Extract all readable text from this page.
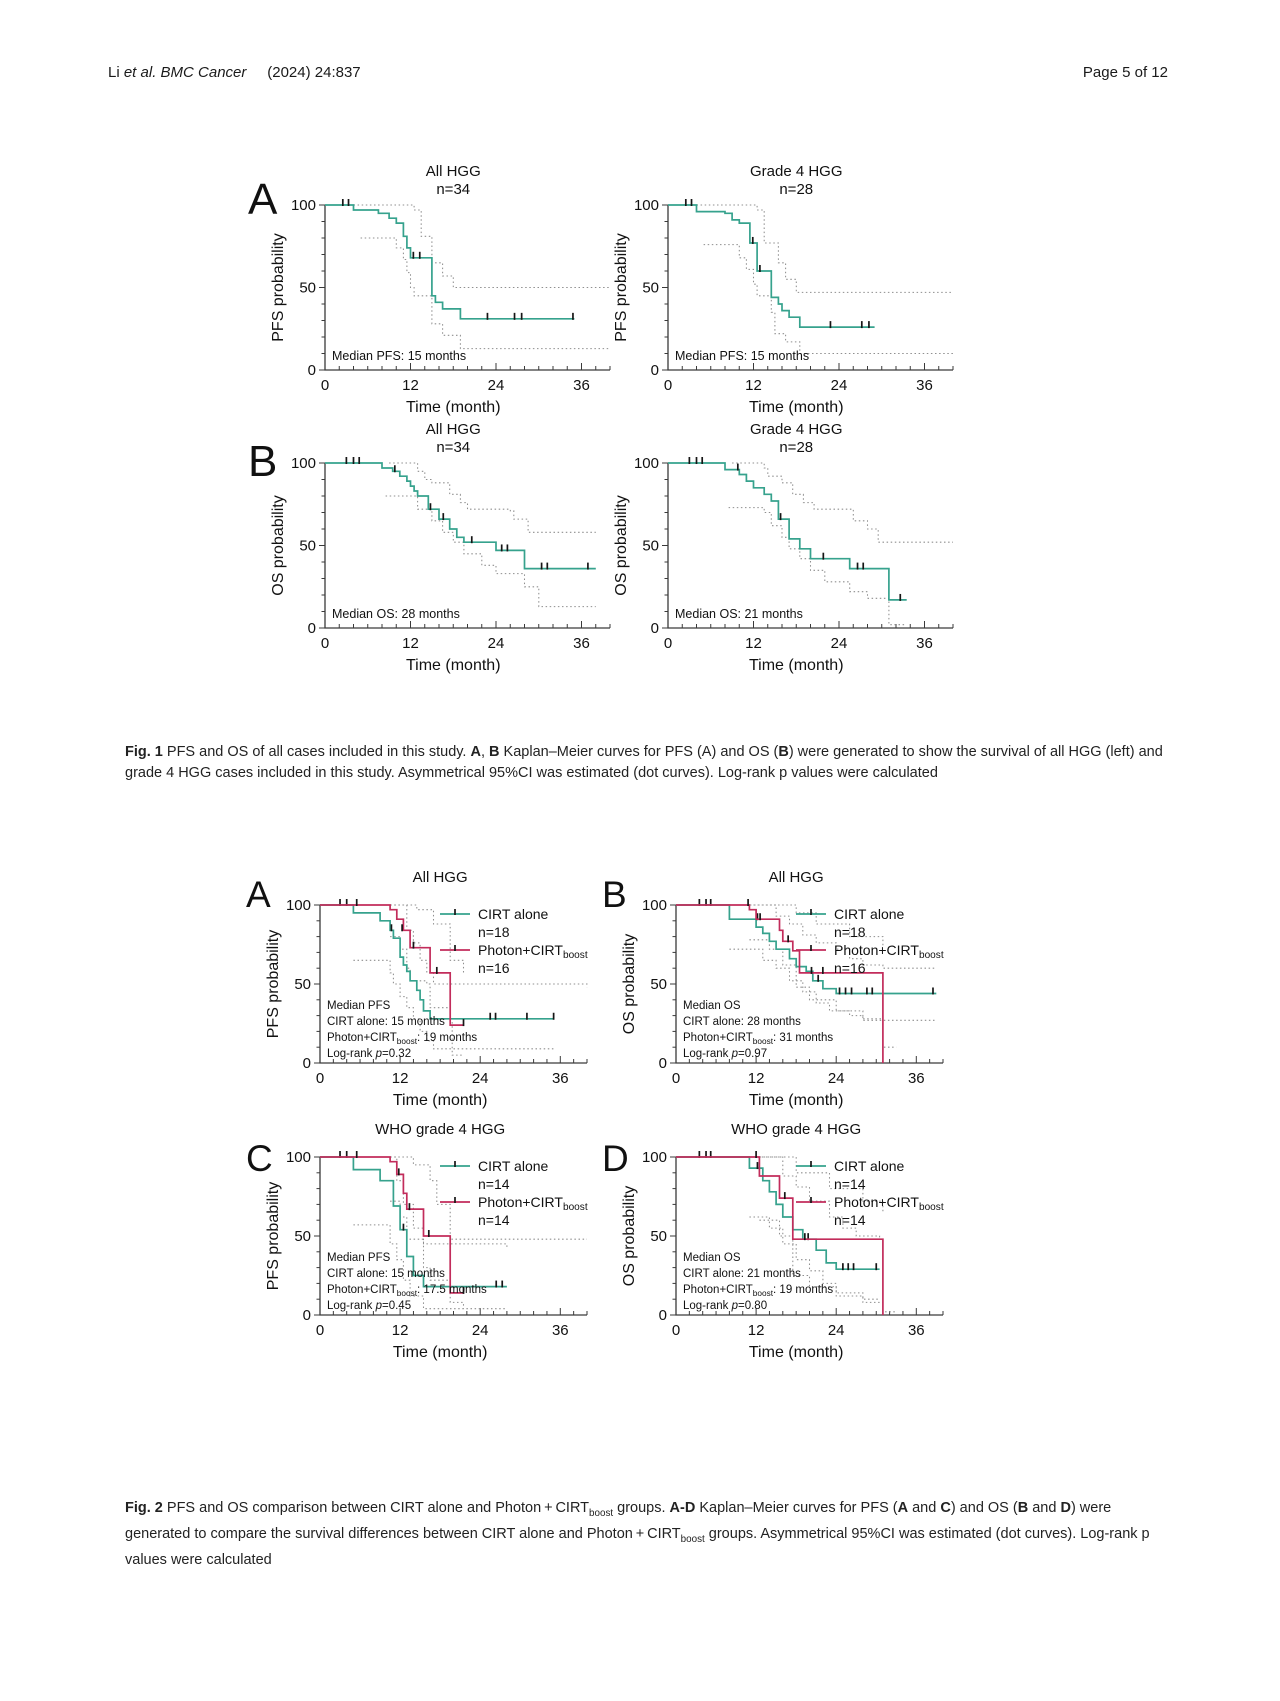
Li et al. BMC Cancer     (2024) 24:837	Page 5 of 12
A
B
All HGG
n=34
PFS probability
0	12	24	36
0
50
100
Time (month)
Median PFS: 15 months
Grade 4 HGG
n=28
PFS probability
0	12	24	36
0
50
100
Time (month)
Median PFS: 15 months
All HGG
n=34
OS probability
0	12	24	36
0
50
100
Time (month)
Median OS: 28 months
Grade 4 HGG
n=28
OS probability
0	12	24	36
0
50
100
Time (month)
Median OS: 21 months

Fig. 1 PFS and OS of all cases included in this study. A, B Kaplan–Meier curves for PFS (A) and OS (B) were generated to show the survival of all HGG (left) and grade 4 HGG cases included in this study. Asymmetrical 95%CI was estimated (dot curves). Log-rank p values were calculated

A	B
C	D
All HGG
PFS probability
0	12	24	36
0
50
100
Time (month)
CIRT alone
n=18
$Photon+CIRT_{boost}$
n=16
Median PFS
CIRT alone: 15 months
$Photon+CIRT_{boost}$: 19 months
Log-rank p=0.32
All HGG
OS probability
0	12	24	36
0
50
100
Time (month)
CIRT alone
n=18
$Photon+CIRT_{boost}$
n=16
Median OS
CIRT alone: 28 months
$Photon+CIRT_{boost}$: 31 months
Log-rank p=0.97
WHO grade 4 HGG
PFS probability
0	12	24	36
0
50
100
Time (month)
CIRT alone
n=14
$Photon+CIRT_{boost}$
n=14
Median PFS
CIRT alone: 15 months
$Photon+CIRT_{boost}$: 17.5 months
Log-rank p=0.45
WHO grade 4 HGG
OS probability
0	12	24	36
0
50
100
Time (month)
CIRT alone
n=14
$Photon+CIRT_{boost}$
n=14
Median OS
CIRT alone: 21 months
$Photon+CIRT_{boost}$: 19 months
Log-rank p=0.80

Fig. 2 PFS and OS comparison between CIRT alone and Photon + $CIRT_{boost}$ groups. A-D Kaplan–Meier curves for PFS (A and C) and OS (B and D) were generated to compare the survival differences between CIRT alone and Photon + $CIRT_{boost}$ groups. Asymmetrical 95%CI was estimated (dot curves). Log-rank p values were calculated
